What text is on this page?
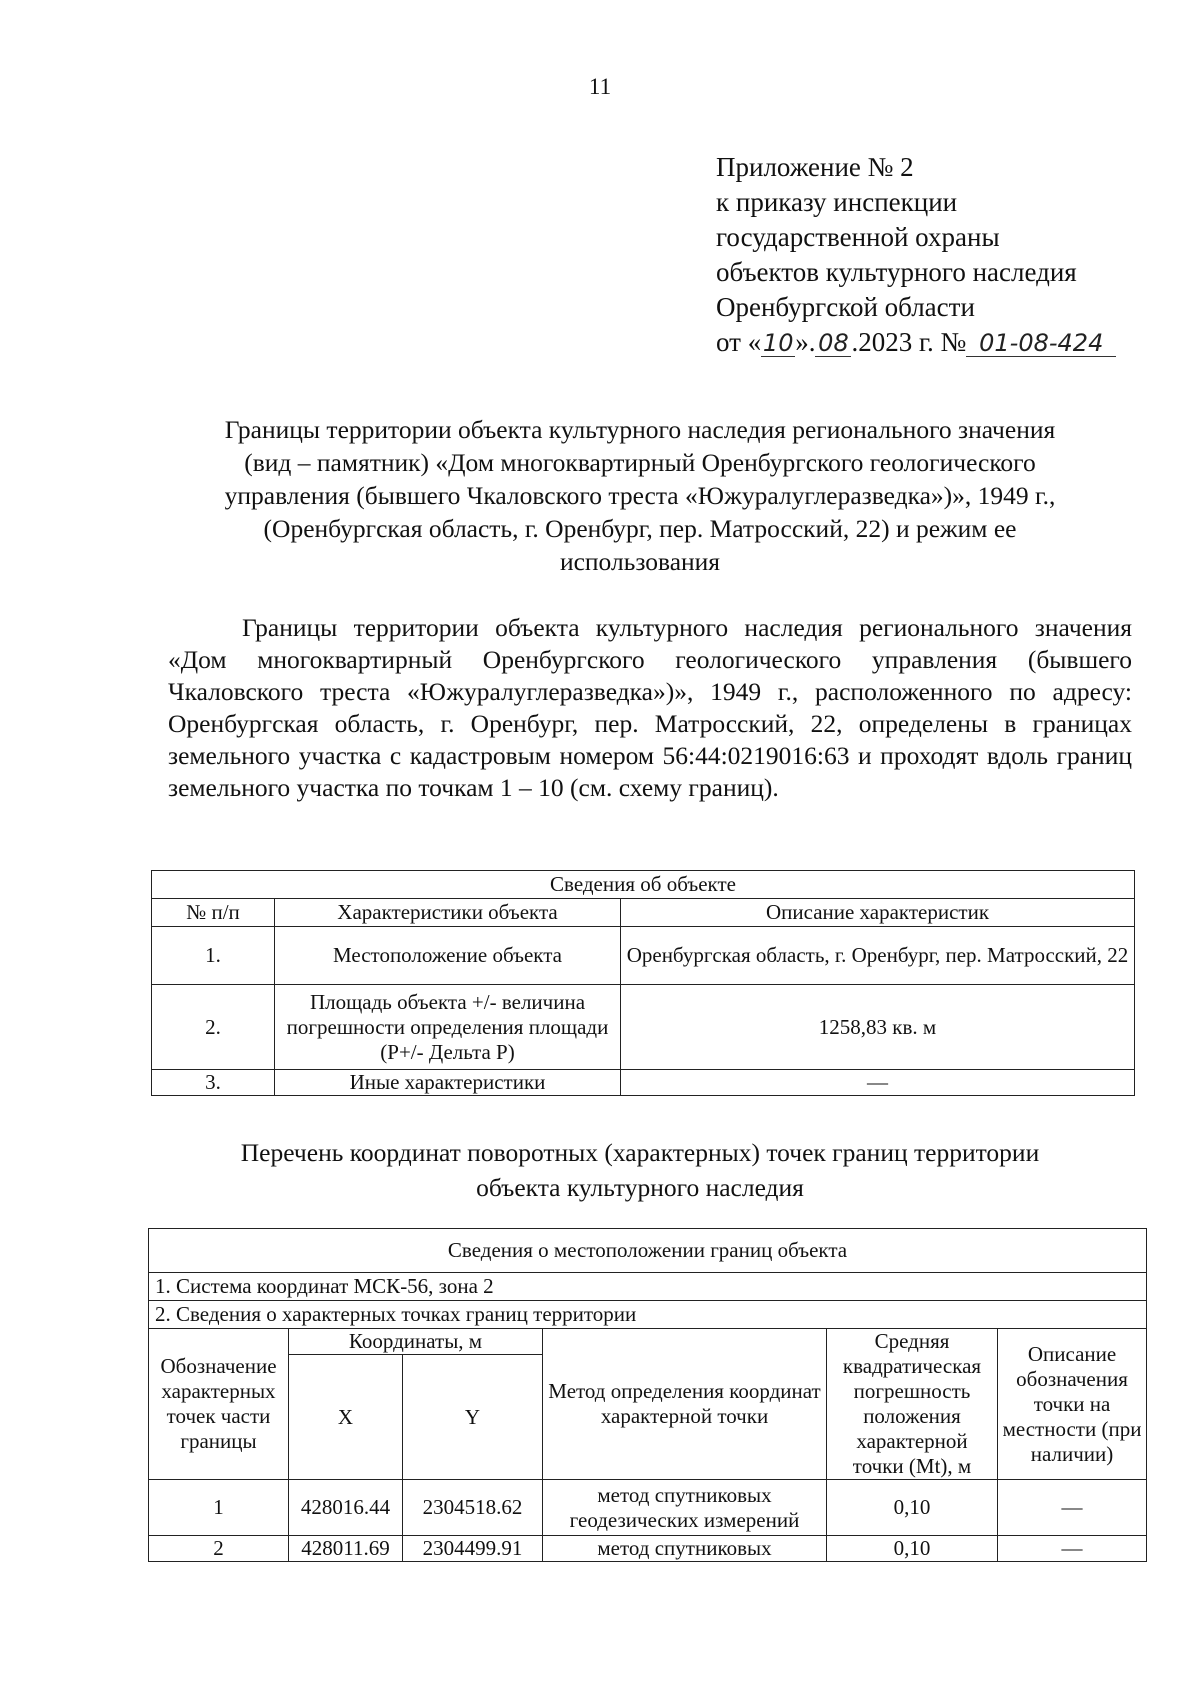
11
Приложение № 2
к приказу инспекции
государственной охраны
объектов культурного наследия
Оренбургской области
от «10». 08 .2023 г. № 01-08-424
Границы территории объекта культурного наследия регионального значения
(вид – памятник) «Дом многоквартирный Оренбургского геологического
управления (бывшего Чкаловского треста «Южуралуглеразведка»)», 1949 г.,
(Оренбургская область, г. Оренбург, пер. Матросский, 22) и режим ее
использования

Границы территории объекта культурного наследия регионального значения «Дом многоквартирный Оренбургского геологического управления (бывшего Чкаловского треста «Южуралуглеразведка»)», 1949 г., расположенного по адресу: Оренбургская область, г. Оренбург, пер. Матросский, 22, определены в границах земельного участка с кадастровым номером 56:44:0219016:63 и проходят вдоль границ земельного участка по точкам 1 – 10 (см. схему границ).

Сведения об объекте		
№ п/п	Характеристики объекта	Описание характеристик
1.	Местоположение объекта	Оренбургская область, г. Оренбург, пер. Матросский, 22
2.	Площадь объекта +/- величина погрешности определения площади (Р+/- Дельта Р)	1258,83 кв. м
3.	Иные характеристики	—
Перечень координат поворотных (характерных) точек границ территории
объекта культурного наследия
Сведения о местоположении границ объекта					
1. Система координат МСК-56, зона 2					
2. Сведения о характерных точках границ территории					
Обозначение характерных точек части границы	Координаты, м		Метод определения координат характерной точки	Средняя квадратическая погрешность положения характерной точки (Mt), м	Описание обозначения точки на местности (при наличии)
	X	Y			
1	428016.44	2304518.62	метод спутниковых геодезических измерений	0,10	—
2	428011.69	2304499.91	метод спутниковых	0,10	—
